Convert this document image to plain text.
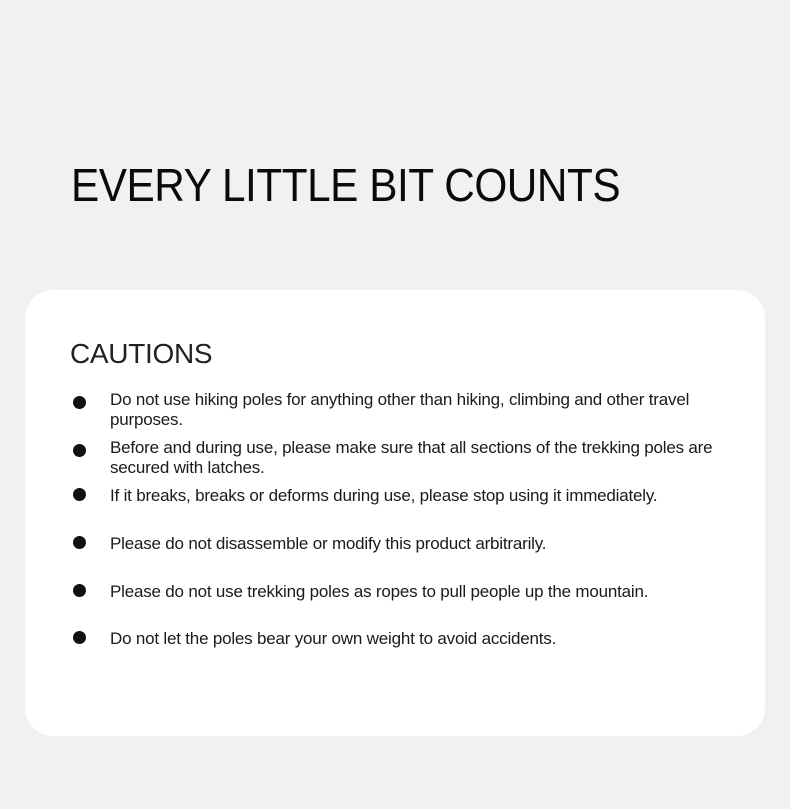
EVERY LITTLE BIT COUNTS
CAUTIONS
Do not use hiking poles for anything other than hiking, climbing and other travel purposes.
Before and during use, please make sure that all sections of the trekking poles are secured with latches.
If it breaks, breaks or deforms during use, please stop using it immediately.
Please do not disassemble or modify this product arbitrarily.
Please do not use trekking poles as ropes to pull people up the mountain.
Do not let the poles bear your own weight to avoid accidents.
